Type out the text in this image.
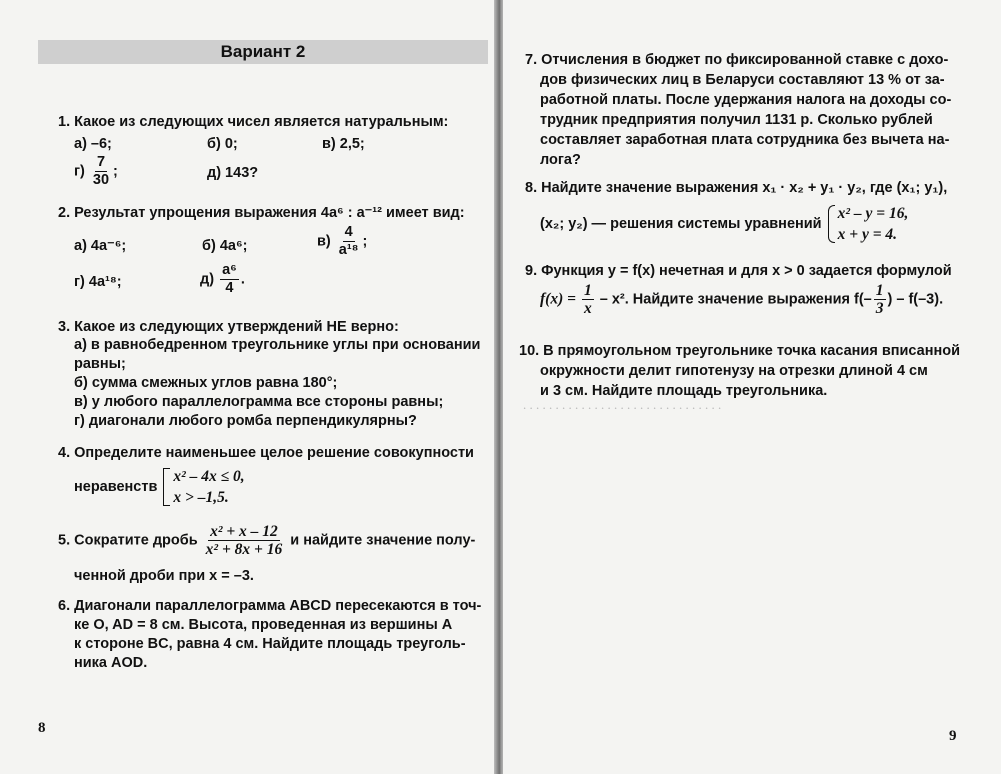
Вариант 2
1. Какое из следующих чисел является натуральным:
а) –6;	б) 0;	в) 2,5;
$г) \frac{7}{30}$ ;	д) 143?
2. Результат упрощения выражения 4a⁶ : a⁻¹² имеет вид:
а) 4a⁻⁶;	б) 4a⁶;	$в) \frac{4}{\text{a¹⁸}}$ ;
г) 4a¹⁸;	$д) \frac{\text{a⁶}}{4}$ .
3. Какое из следующих утверждений НЕ верно:
а) в равнобедренном треугольнике углы при основании
равны;
б) сумма смежных углов равна 180°;
в) у любого параллелограмма все стороны равны;
г) диагонали любого ромба перпендикулярны?
4. Определите наименьшее целое решение совокупности
неравенств
x² – 4x ≤ 0,
x > –1,5.
5. Сократите дробь $\frac{\text{x² + x – 12}}{\text{x² + 8x + 16}}$ и найдите значение полу-
ченной дроби при x = –3.
6. Диагонали параллелограмма ABCD пересекаются в точ-
ке O, AD = 8 см. Высота, проведенная из вершины A
к стороне BC, равна 4 см. Найдите площадь треуголь-
ника AOD.
8
. . . . . . . . . . . . . . . . . . . . . . . . . . . . . . .
7. Отчисления в бюджет по фиксированной ставке с дохо-
дов физических лиц в Беларуси составляют 13 % от за-
работной платы. После удержания налога на доходы со-
трудник предприятия получил 1131 р. Сколько рублей
составляет заработная плата сотрудника без вычета на-
лога?
8. Найдите значение выражения x₁ · x₂ + y₁ · y₂, где (x₁; y₁),
(x₂; y₂) — решения системы уравнений
x² – y = 16,
x + y = 4.
9. Функция y = f(x) нечетная и для x > 0 задается формулой
$f(x) = \frac{1}{x} - x^2$. Найдите значение выражения $f(- \frac{1}{3}$ ) – f(–3).
10. В прямоугольном треугольнике точка касания вписанной
окружности делит гипотенузу на отрезки длиной 4 см
и 3 см. Найдите площадь треугольника.
9
